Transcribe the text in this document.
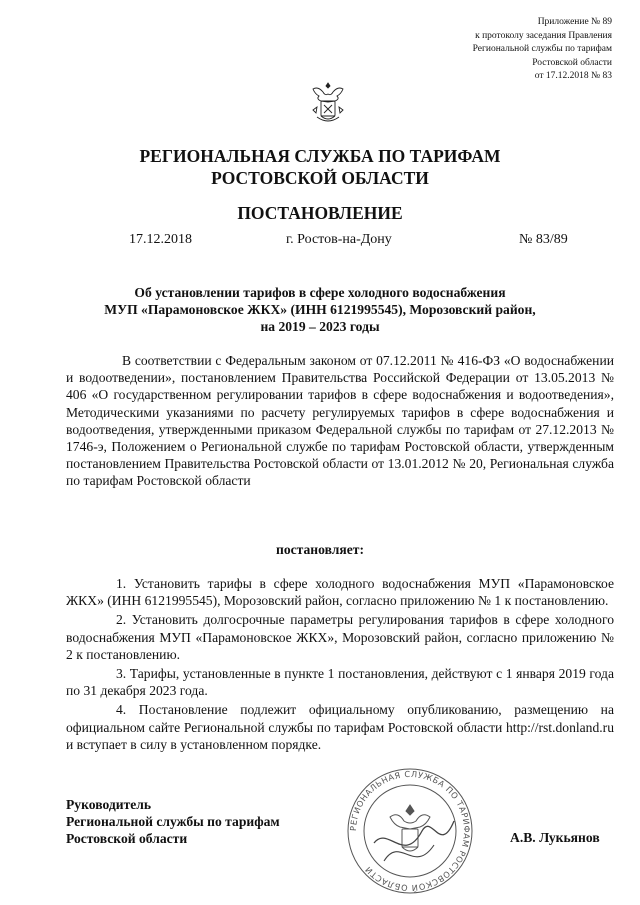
Приложение № 89
к протоколу заседания Правления
Региональной службы по тарифам
Ростовской области
от 17.12.2018 № 83
РЕГИОНАЛЬНАЯ СЛУЖБА ПО ТАРИФАМ
РОСТОВСКОЙ ОБЛАСТИ
ПОСТАНОВЛЕНИЕ
17.12.2018	г. Ростов-на-Дону	№ 83/89
Об установлении тарифов в сфере холодного водоснабжения
МУП «Парамоновское ЖКХ» (ИНН 6121995545), Морозовский район,
на 2019 – 2023 годы
В соответствии с Федеральным законом от 07.12.2011 № 416-ФЗ «О водоснабжении и водоотведении», постановлением Правительства Российской Федерации от 13.05.2013 № 406 «О государственном регулировании тарифов в сфере водоснабжения и водоотведения», Методическими указаниями по расчету регулируемых тарифов в сфере водоснабжения и водоотведения, утвержденными приказом Федеральной службы по тарифам от 27.12.2013 № 1746-э, Положением о Региональной службе по тарифам Ростовской области, утвержденным постановлением Правительства Ростовской области от 13.01.2012 № 20, Региональная служба по тарифам Ростовской области
постановляет:
1. Установить тарифы в сфере холодного водоснабжения МУП «Парамоновское ЖКХ» (ИНН 6121995545), Морозовский район, согласно приложению № 1 к постановлению.
2. Установить долгосрочные параметры регулирования тарифов в сфере холодного водоснабжения МУП «Парамоновское ЖКХ», Морозовский район, согласно приложению № 2 к постановлению.
3. Тарифы, установленные в пункте 1 постановления, действуют с 1 января 2019 года по 31 декабря 2023 года.
4. Постановление подлежит официальному опубликованию, размещению на официальном сайте Региональной службы по тарифам Ростовской области http://rst.donland.ru и вступает в силу в установленном порядке.
Руководитель
Региональной службы по тарифам
Ростовской области
РЕГИОНАЛЬНАЯ СЛУЖБА ПО ТАРИФАМ РОСТОВСКОЙ ОБЛАСТИ
А.В. Лукьянов
